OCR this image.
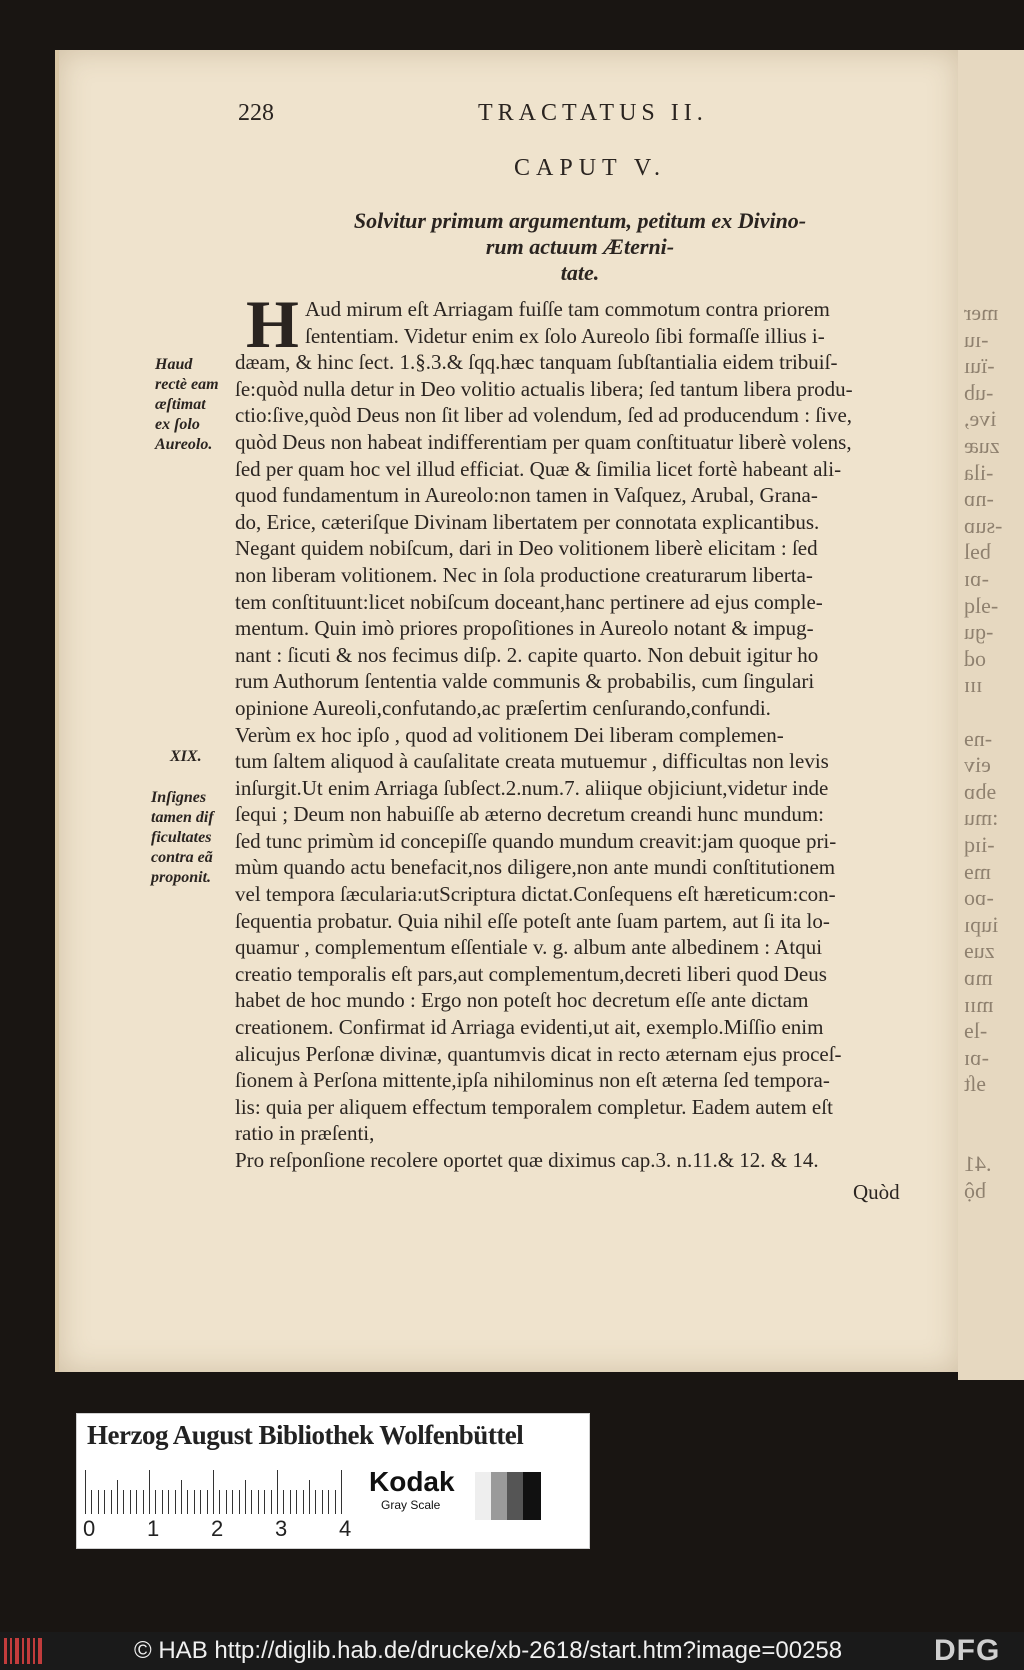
mer
-ıu
-ïuı
-ub
ive,
zuæ
-ila
-nɒ
-suɒ
bɘl
-ɒɪ
-ɘlq
-ɡu
od
ɪɪɪ
-nɘ
eiv
ɘbɒ
:mu
-iɪq
mɘ
-ɒo
iupı
zuɘ
mɒ
mɪɪ
-lɘ
-ɒɪ
ɘſt
.41
bộ
228	TRACTATUS II.
CAPUT V.
Solvitur primum argumentum, petitum ex Divino-
rum actuum Æterni-
tate.
H Aud mirum eſt Arriagam fuiſſe tam commotum contra priorem
ſententiam. Videtur enim ex ſolo Aureolo ſibi formaſſe illius i-
dæam, & hinc ſect. 1.§.3.& ſqq.hæc tanquam ſubſtantialia eidem tribuiſ-
ſe:quòd nulla detur in Deo volitio actualis libera; ſed tantum libera produ-
ctio:ſive,quòd Deus non ſit liber ad volendum, ſed ad producendum : ſive,
quòd Deus non habeat indifferentiam per quam conſtituatur liberè volens,
ſed per quam hoc vel illud efficiat. Quæ & ſimilia licet fortè habeant ali-
quod fundamentum in Aureolo:non tamen in Vaſquez, Arubal, Grana-
do, Erice, cæteriſque Divinam libertatem per connotata explicantibus.
Negant quidem nobiſcum, dari in Deo volitionem liberè elicitam : ſed
non liberam volitionem. Nec in ſola productione creaturarum liberta-
tem conſtituunt:licet nobiſcum doceant,hanc pertinere ad ejus comple-
mentum. Quin imò priores propoſitiones in Aureolo notant & impug-
nant : ſicuti & nos fecimus diſp. 2. capite quarto. Non debuit igitur ho
rum Authorum ſententia valde communis & probabilis, cum ſingulari
opinione Aureoli,confutando,ac præſertim cenſurando,confundi.
Verùm ex hoc ipſo , quod ad volitionem Dei liberam complemen-
tum ſaltem aliquod à cauſalitate creata mutuemur , difficultas non levis
inſurgit.Ut enim Arriaga ſubſect.2.num.7. aliique objiciunt,videtur inde
ſequi ; Deum non habuiſſe ab æterno decretum creandi hunc mundum:
ſed tunc primùm id concepiſſe quando mundum creavit:jam quoque pri-
mùm quando actu benefacit,nos diligere,non ante mundi conſtitutionem
vel tempora ſæcularia:utScriptura dictat.Conſequens eſt hæreticum:con-
ſequentia probatur. Quia nihil eſſe poteſt ante ſuam partem, aut ſi ita lo-
quamur , complementum eſſentiale v. g. album ante albedinem : Atqui
creatio temporalis eſt pars,aut complementum,decreti liberi quod Deus
habet de hoc mundo : Ergo non poteſt hoc decretum eſſe ante dictam
creationem. Confirmat id Arriaga evidenti,ut ait, exemplo.Miſſio enim
alicujus Perſonæ divinæ, quantumvis dicat in recto æternam ejus proceſ-
ſionem à Perſona mittente,ipſa nihilominus non eſt æterna ſed tempora-
lis: quia per aliquem effectum temporalem completur. Eadem autem eſt
ratio in præſenti,
Pro reſponſione recolere oportet quæ diximus cap.3. n.11.& 12. & 14.
Haud
rectè eam
æſtimat
ex ſolo
Aureolo.
XIX.
Inſignes
tamen dif
ficultates
contra eã
proponit.
Quòd
Herzog August Bibliothek Wolfenbüttel
0 1 2 3 4
Kodak
Gray Scale
© HAB http://diglib.hab.de/drucke/xb-2618/start.htm?image=00258	DFG
